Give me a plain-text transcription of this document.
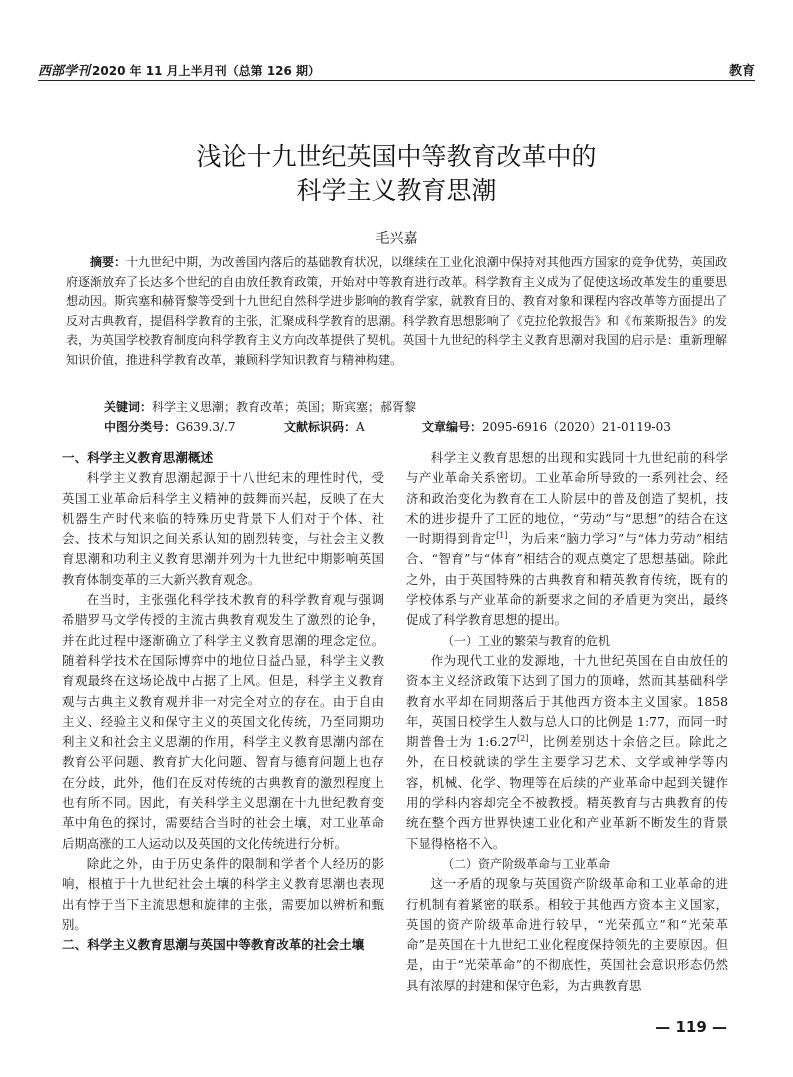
西部学刊 2020 年 11 月上半月刊（总第 126 期）	教育
浅论十九世纪英国中等教育改革中的
科学主义教育思潮
毛兴嘉
摘要：十九世纪中期，为改善国内落后的基础教育状况，以继续在工业化浪潮中保持对其他西方国家的竞争优势，英国政府逐渐放弃了长达多个世纪的自由放任教育政策，开始对中等教育进行改革。科学教育主义成为了促使这场改革发生的重要思想动因。斯宾塞和赫胥黎等受到十九世纪自然科学进步影响的教育学家，就教育目的、教育对象和课程内容改革等方面提出了反对古典教育，提倡科学教育的主张，汇聚成科学教育的思潮。科学教育思想影响了《克拉伦敦报告》和《布莱斯报告》的发表，为英国学校教育制度向科学教育主义方向改革提供了契机。英国十九世纪的科学主义教育思潮对我国的启示是：重新理解知识价值，推进科学教育改革，兼顾科学知识教育与精神构建。
关键词：科学主义思潮；教育改革；英国；斯宾塞；郝胥黎
中图分类号：G639.3/.7	文献标识码：A	文章编号：2095-6916（2020）21-0119-03
一、科学主义教育思潮概述

科学主义教育思潮起源于十八世纪末的理性时代，受英国工业革命后科学主义精神的鼓舞而兴起，反映了在大机器生产时代来临的特殊历史背景下人们对于个体、社会、技术与知识之间关系认知的剧烈转变，与社会主义教育思潮和功利主义教育思潮并列为十九世纪中期影响英国教育体制变革的三大新兴教育观念。

在当时，主张强化科学技术教育的科学教育观与强调希腊罗马文学传授的主流古典教育观发生了激烈的论争，并在此过程中逐渐确立了科学主义教育思潮的理念定位。随着科学技术在国际博弈中的地位日益凸显，科学主义教育观最终在这场论战中占据了上风。但是，科学主义教育观与古典主义教育观并非一对完全对立的存在。由于自由主义、经验主义和保守主义的英国文化传统，乃至同期功利主义和社会主义思潮的作用，科学主义教育思潮内部在教育公平问题、教育扩大化问题、智育与德育问题上也存在分歧，此外，他们在反对传统的古典教育的激烈程度上也有所不同。因此，有关科学主义思潮在十九世纪教育变革中角色的探讨，需要结合当时的社会土壤，对工业革命后期高涨的工人运动以及英国的文化传统进行分析。

除此之外，由于历史条件的限制和学者个人经历的影响，根植于十九世纪社会土壤的科学主义教育思潮也表现出有悖于当下主流思想和旋律的主张，需要加以辨析和甄别。

二、科学主义教育思潮与英国中等教育改革的社会土壤

科学主义教育思想的出现和实践同十九世纪前的科学与产业革命关系密切。工业革命所导致的一系列社会、经济和政治变化为教育在工人阶层中的普及创造了契机，技术的进步提升了工匠的地位，“劳动”与“思想”的结合在这一时期得到肯定[1]，为后来“脑力学习”与“体力劳动”相结合、“智育”与“体育”相结合的观点奠定了思想基础。除此之外，由于英国特殊的古典教育和精英教育传统，既有的学校体系与产业革命的新要求之间的矛盾更为突出，最终促成了科学教育思想的提出。

（一）工业的繁荣与教育的危机

作为现代工业的发源地，十九世纪英国在自由放任的资本主义经济政策下达到了国力的顶峰，然而其基础科学教育水平却在同期落后于其他西方资本主义国家。1858 年，英国日校学生人数与总人口的比例是 1:77，而同一时期普鲁士为 1:6.27[2]，比例差别达十余倍之巨。除此之外，在日校就读的学生主要学习艺术、文学或神学等内容，机械、化学、物理等在后续的产业革命中起到关键作用的学科内容却完全不被教授。精英教育与古典教育的传统在整个西方世界快速工业化和产业革新不断发生的背景下显得格格不入。

（二）资产阶级革命与工业革命

这一矛盾的现象与英国资产阶级革命和工业革命的进行机制有着紧密的联系。相较于其他西方资本主义国家，英国的资产阶级革命进行较早，“光荣孤立”和“光荣革命”是英国在十九世纪工业化程度保持领先的主要原因。但是，由于“光荣革命”的不彻底性，英国社会意识形态仍然具有浓厚的封建和保守色彩，为古典教育思

— 119 —
